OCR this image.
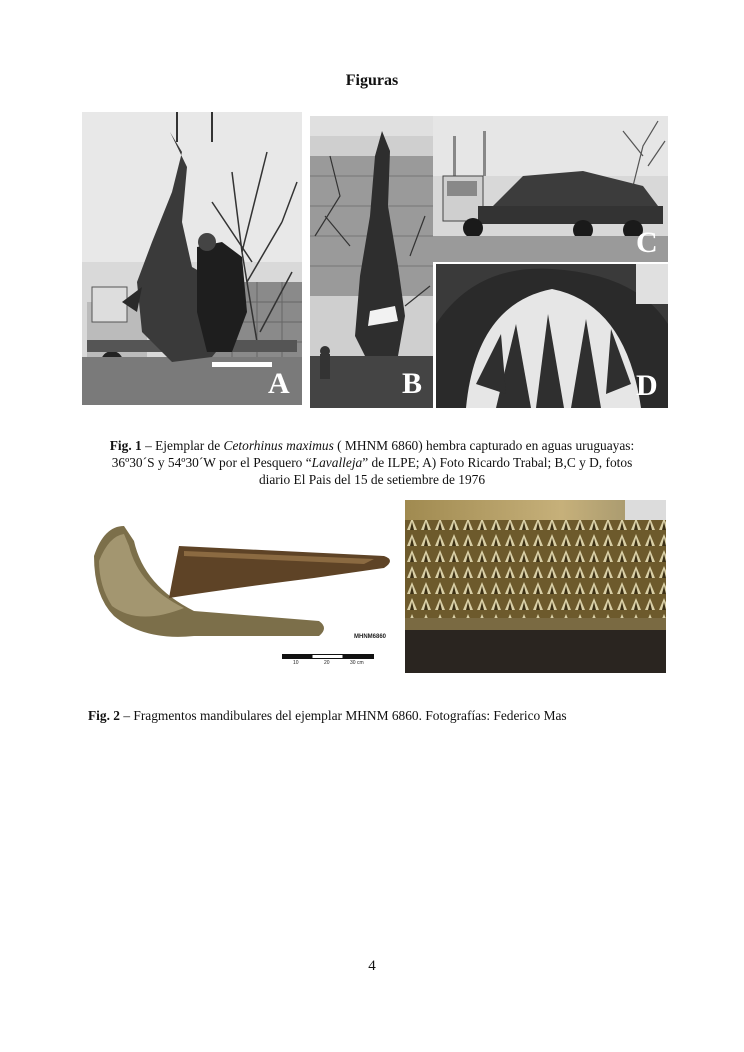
Figuras
A	B
C
D
Fig. 1 – Ejemplar de Cetorhinus maximus ( MHNM 6860) hembra capturado en aguas uruguayas:
36º30´S y 54º30´W por el Pesquero “Lavalleja” de ILPE; A) Foto Ricardo Trabal; B,C y D, fotos
diario El Pais del 15 de setiembre de 1976
MHNM6860
10	20	30 cm
Fig. 2 – Fragmentos mandibulares del ejemplar MHNM 6860. Fotografías: Federico Mas
4
